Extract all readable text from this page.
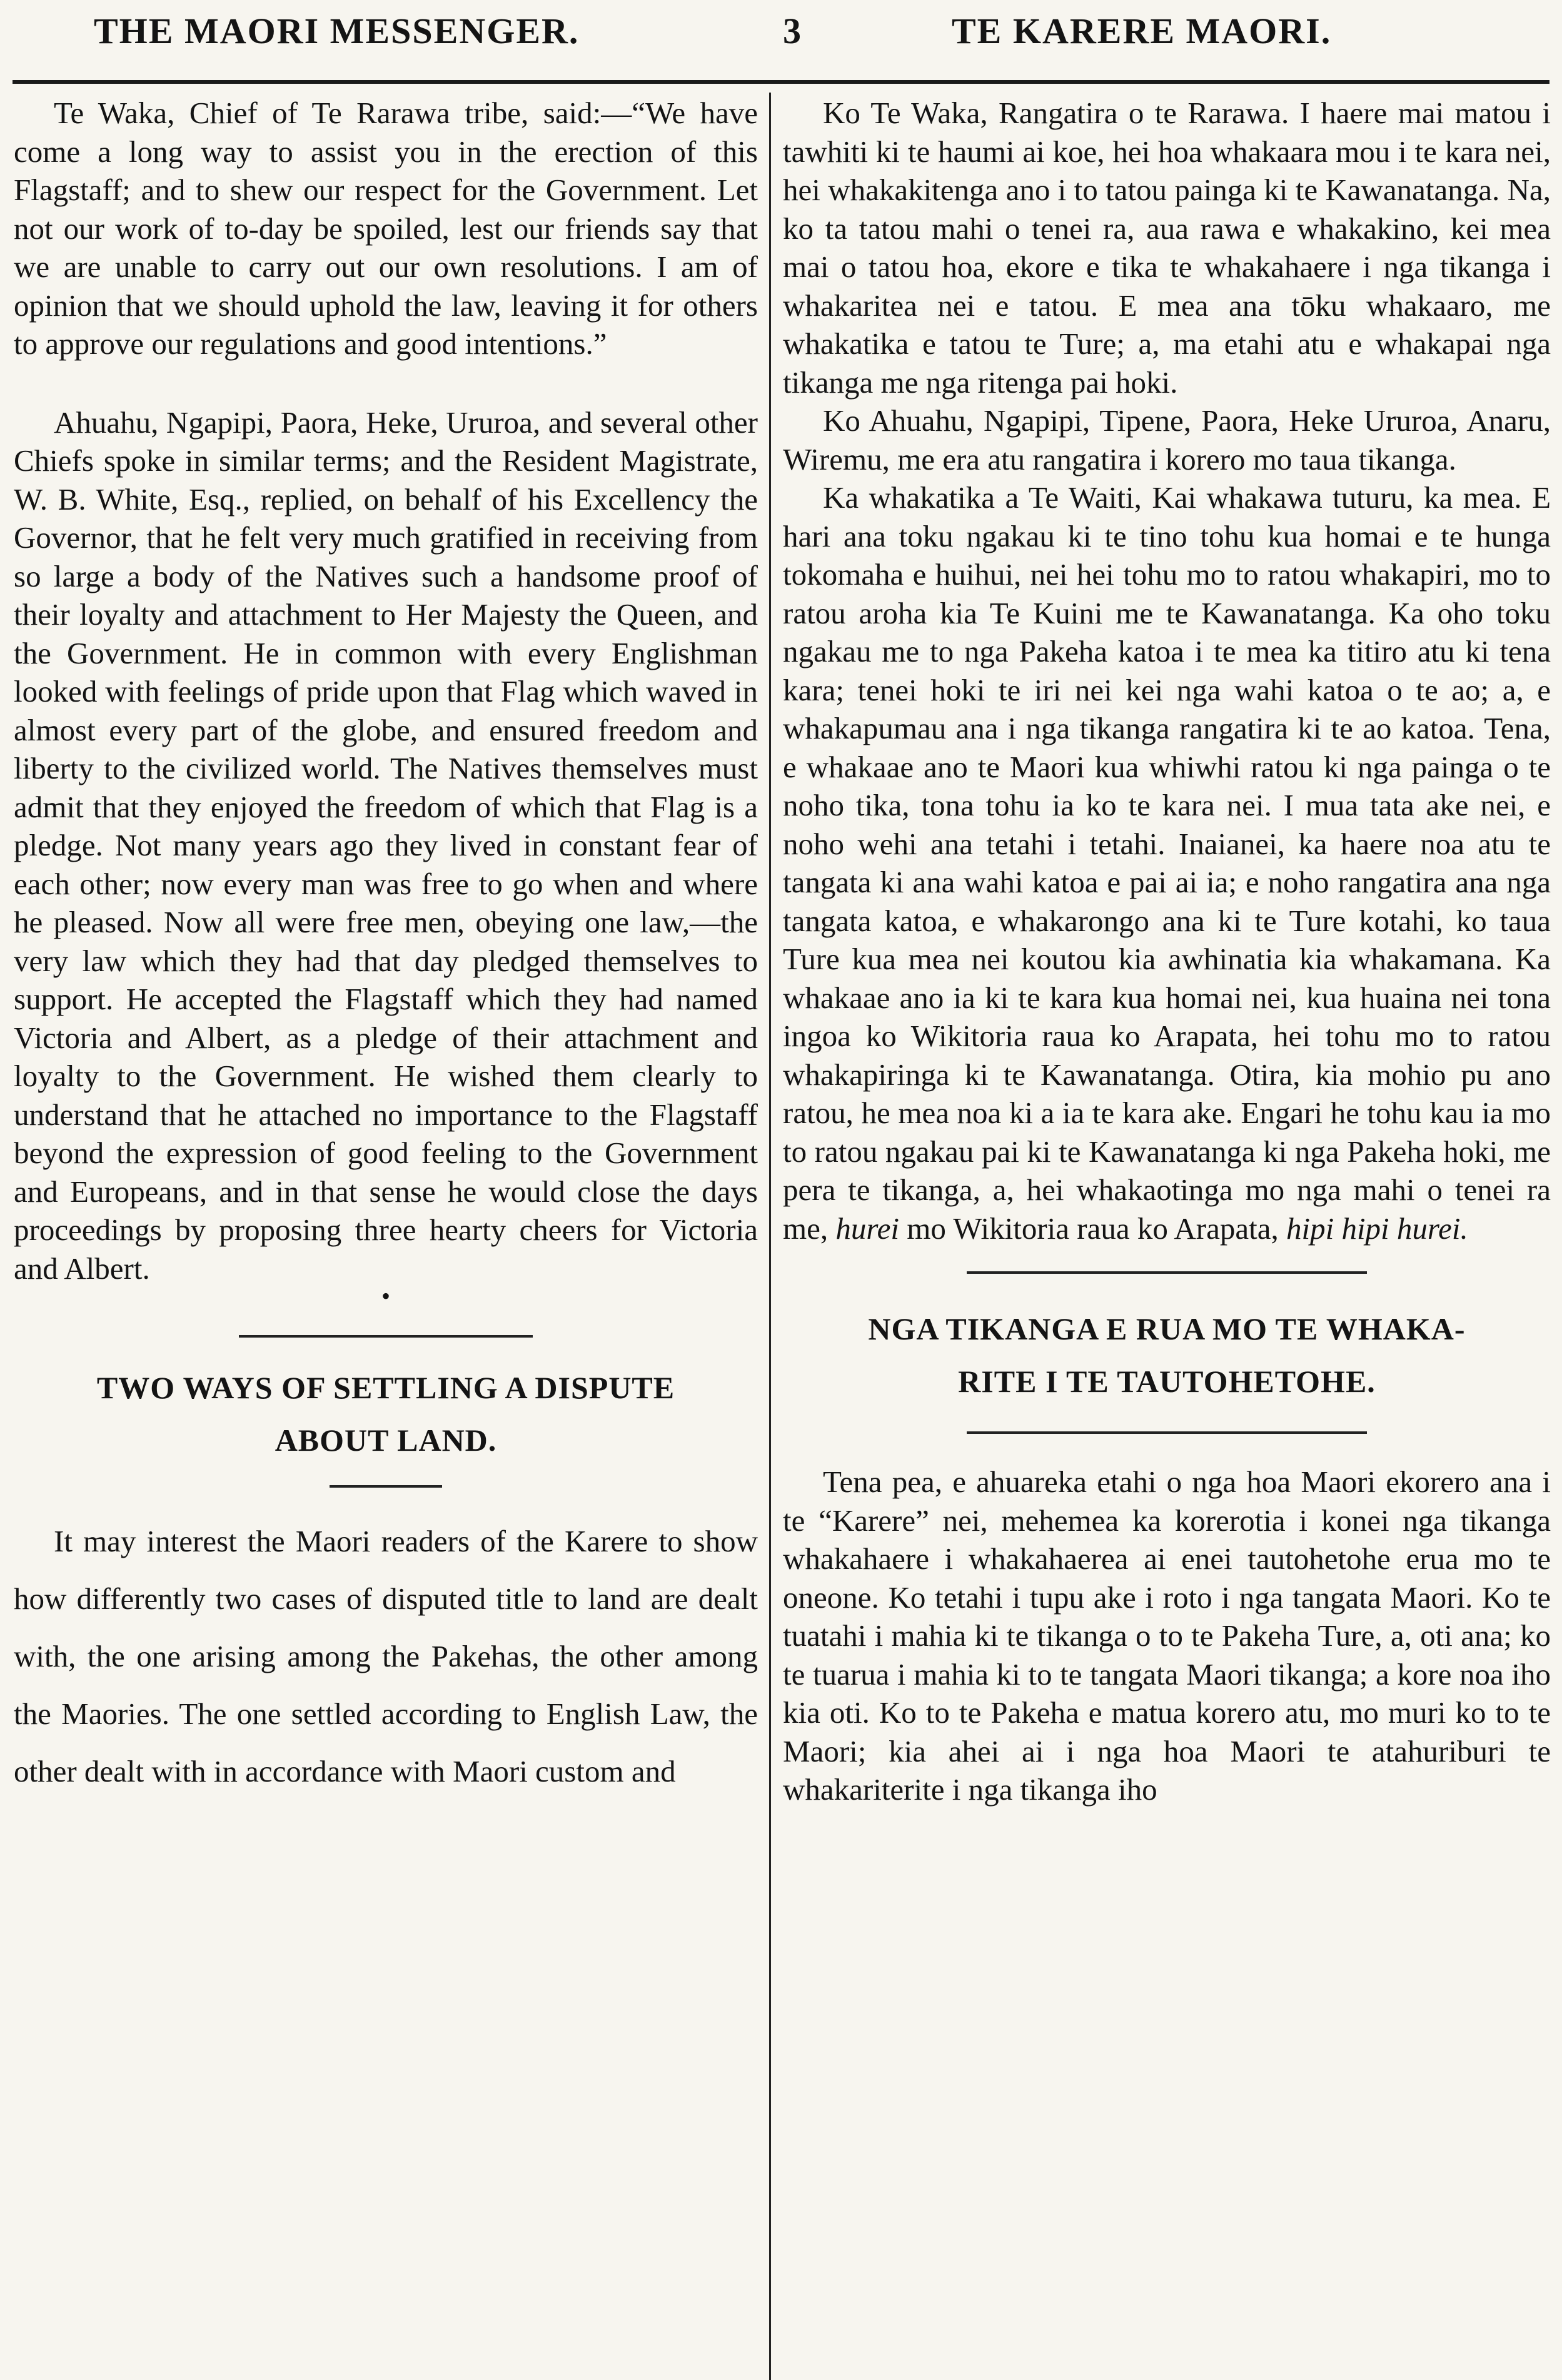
THE MAORI MESSENGER.	3	TE KARERE MAORI.

Te Waka, Chief of Te Rarawa tribe, said:—“We have come a long way to assist you in the erection of this Flagstaff; and to shew our respect for the Government. Let not our work of to-day be spoiled, lest our friends say that we are unable to carry out our own resolutions. I am of opinion that we should uphold the law, leaving it for others to approve our regulations and good intentions.”

Ahuahu, Ngapipi, Paora, Heke, Ururoa, and several other Chiefs spoke in similar terms; and the Resident Magistrate, W. B. White, Esq., replied, on behalf of his Excellency the Governor, that he felt very much gratified in receiving from so large a body of the Natives such a handsome proof of their loyalty and attachment to Her Majesty the Queen, and the Government. He in common with every Englishman looked with feelings of pride upon that Flag which waved in almost every part of the globe, and ensured freedom and liberty to the civilized world. The Natives themselves must admit that they enjoyed the freedom of which that Flag is a pledge. Not many years ago they lived in constant fear of each other; now every man was free to go when and where he pleased. Now all were free men, obeying one law,—the very law which they had that day pledged themselves to support. He accepted the Flagstaff which they had named Victoria and Albert, as a pledge of their attachment and loyalty to the Government. He wished them clearly to understand that he attached no importance to the Flagstaff beyond the expression of good feeling to the Government and Europeans, and in that sense he would close the days proceedings by proposing three hearty cheers for Victoria and Albert.

•
TWO WAYS OF SETTLING A DISPUTE
ABOUT LAND.

It may interest the Maori readers of the Karere to show how differently two cases of disputed title to land are dealt with, the one arising among the Pakehas, the other among the Maories. The one settled according to English Law, the other dealt with in accordance with Maori custom and

Ko Te Waka, Rangatira o te Rarawa. I haere mai matou i tawhiti ki te haumi ai koe, hei hoa whakaara mou i te kara nei, hei whakakitenga ano i to tatou painga ki te Kawanatanga. Na, ko ta tatou mahi o tenei ra, aua rawa e whakakino, kei mea mai o tatou hoa, ekore e tika te whakahaere i nga tikanga i whakaritea nei e tatou. E mea ana tōku whakaaro, me whakatika e tatou te Ture; a, ma etahi atu e whakapai nga tikanga me nga ritenga pai hoki.

Ko Ahuahu, Ngapipi, Tipene, Paora, Heke Ururoa, Anaru, Wiremu, me era atu rangatira i korero mo taua tikanga.

Ka whakatika a Te Waiti, Kai whakawa tuturu, ka mea. E hari ana toku ngakau ki te tino tohu kua homai e te hunga tokomaha e huihui, nei hei tohu mo to ratou whakapiri, mo to ratou aroha kia Te Kuini me te Kawanatanga. Ka oho toku ngakau me to nga Pakeha katoa i te mea ka titiro atu ki tena kara; tenei hoki te iri nei kei nga wahi katoa o te ao; a, e whakapumau ana i nga tikanga rangatira ki te ao katoa. Tena, e whakaae ano te Maori kua whiwhi ratou ki nga painga o te noho tika, tona tohu ia ko te kara nei. I mua tata ake nei, e noho wehi ana tetahi i tetahi. Inaianei, ka haere noa atu te tangata ki ana wahi katoa e pai ai ia; e noho rangatira ana nga tangata katoa, e whakarongo ana ki te Ture kotahi, ko taua Ture kua mea nei koutou kia awhinatia kia whakamana. Ka whakaae ano ia ki te kara kua homai nei, kua huaina nei tona ingoa ko Wikitoria raua ko Arapata, hei tohu mo to ratou whakapiringa ki te Kawanatanga. Otira, kia mohio pu ano ratou, he mea noa ki a ia te kara ake. Engari he tohu kau ia mo to ratou ngakau pai ki te Kawanatanga ki nga Pakeha hoki, me pera te tikanga, a, hei whakaotinga mo nga mahi o tenei ra me, hurei mo Wikitoria raua ko Arapata, hipi hipi hurei.

NGA TIKANGA E RUA MO TE WHAKA-
RITE I TE TAUTOHETOHE.

Tena pea, e ahuareka etahi o nga hoa Maori ekorero ana i te “Karere” nei, mehemea ka korerotia i konei nga tikanga whakahaere i whakahaerea ai enei tautohetohe erua mo te oneone. Ko tetahi i tupu ake i roto i nga tangata Maori. Ko te tuatahi i mahia ki te tikanga o to te Pakeha Ture, a, oti ana; ko te tuarua i mahia ki to te tangata Maori tikanga; a kore noa iho kia oti. Ko to te Pakeha e matua korero atu, mo muri ko to te Maori; kia ahei ai i nga hoa Maori te atahuriburi te whakariterite i nga tikanga iho
